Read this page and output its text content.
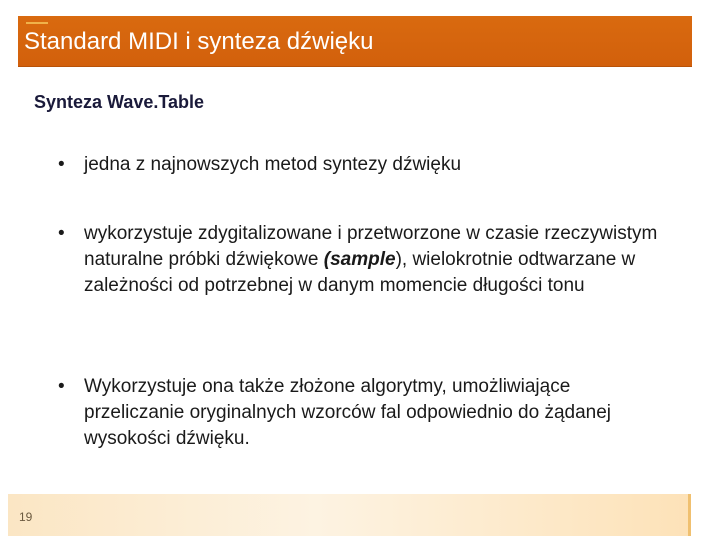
Standard MIDI i synteza dźwięku
Synteza Wave.Table
• jedna z najnowszych metod syntezy dźwięku
• wykorzystuje zdygitalizowane i przetworzone w czasie rzeczywistym naturalne próbki dźwiękowe (sample), wielokrotnie odtwarzane w zależności od potrzebnej w danym momencie długości tonu
• Wykorzystuje ona także złożone algorytmy, umożliwiające przeliczanie oryginalnych wzorców fal odpowiednio do żądanej wysokości dźwięku.
19
